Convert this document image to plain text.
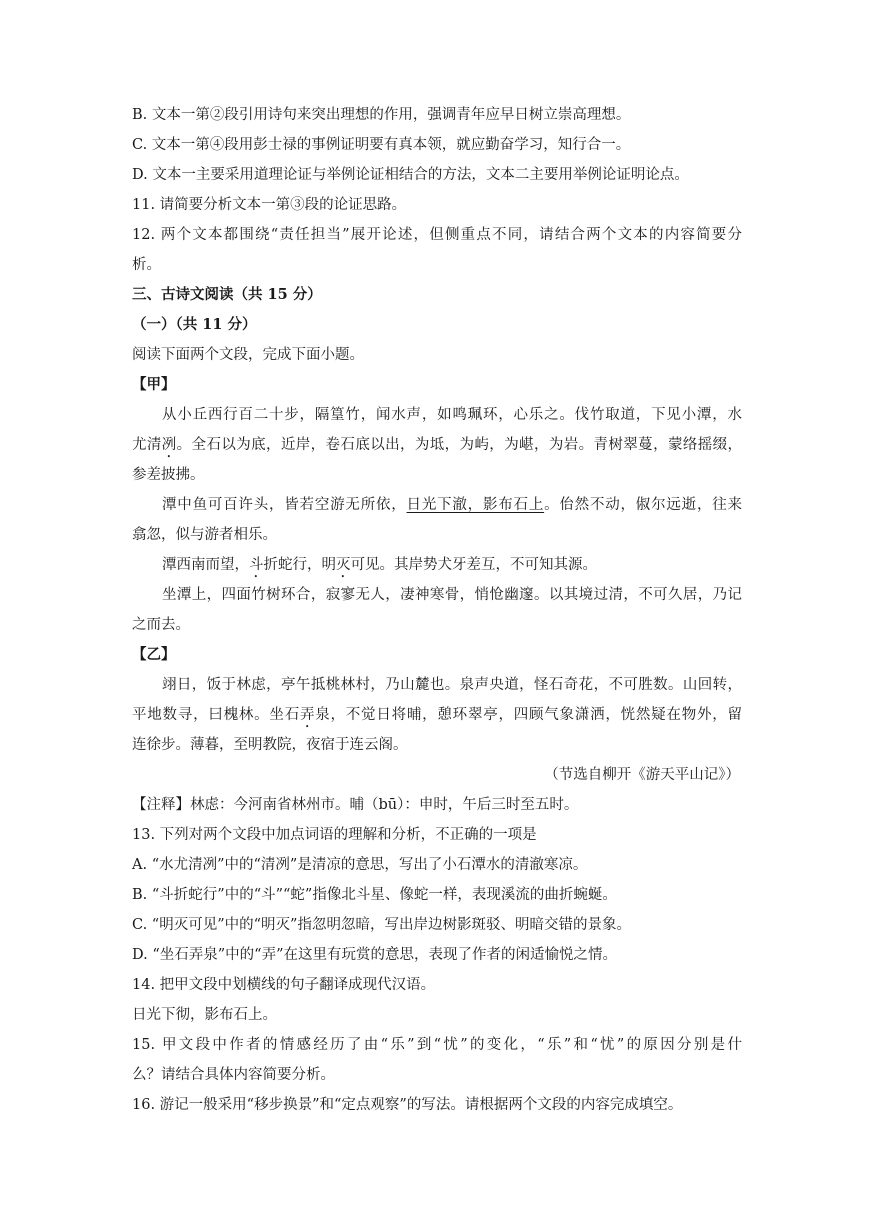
B. 文本一第②段引用诗句来突出理想的作用，强调青年应早日树立崇高理想。
C. 文本一第④段用彭士禄的事例证明要有真本领，就应勤奋学习，知行合一。
D. 文本一主要采用道理论证与举例论证相结合的方法，文本二主要用举例论证明论点。
11. 请简要分析文本一第③段的论证思路。
12. 两个文本都围绕“责任担当”展开论述，但侧重点不同，请结合两个文本的内容简要分
析。
三、古诗文阅读（共 15 分）
（一）（共 11 分）
阅读下面两个文段，完成下面小题。
【甲】
从小丘西行百二十步，隔篁竹，闻水声，如鸣珮环，心乐之。伐竹取道，下见小潭，水
尤清冽。全石以为底，近岸，卷石底以出，为坻，为屿，为嵁，为岩。青树翠蔓，蒙络摇缀，
参差披拂。
潭中鱼可百许头，皆若空游无所依，日光下澈，影布石上。佁然不动，俶尔远逝，往来
翕忽，似与游者相乐。
潭西南而望，斗折蛇行，明灭可见。其岸势犬牙差互，不可知其源。
坐潭上，四面竹树环合，寂寥无人，凄神寒骨，悄怆幽邃。以其境过清，不可久居，乃记
之而去。
【乙】
翊日，饭于林虑，亭午抵桃林村，乃山麓也。泉声央道，怪石奇花，不可胜数。山回转，
平地数寻，曰槐林。坐石弄泉，不觉日将晡，憩环翠亭，四顾气象潇洒，恍然疑在物外，留
连徐步。薄暮，至明教院，夜宿于连云阁。
（节选自柳开《游天平山记》）
【注释】林虑：今河南省林州市。晡（bū）：申时，午后三时至五时。
13. 下列对两个文段中加点词语的理解和分析，不正确的一项是
A. “水尤清冽”中的“清冽”是清凉的意思，写出了小石潭水的清澈寒凉。
B. “斗折蛇行”中的“斗”“蛇”指像北斗星、像蛇一样，表现溪流的曲折蜿蜒。
C. “明灭可见”中的“明灭”指忽明忽暗，写出岸边树影斑驳、明暗交错的景象。
D. “坐石弄泉”中的“弄”在这里有玩赏的意思，表现了作者的闲适愉悦之情。
14. 把甲文段中划横线的句子翻译成现代汉语。
日光下彻，影布石上。
15. 甲文段中作者的情感经历了由“乐”到“忧”的变化，“乐”和“忧”的原因分别是什
么？请结合具体内容简要分析。
16. 游记一般采用“移步换景”和“定点观察”的写法。请根据两个文段的内容完成填空。
